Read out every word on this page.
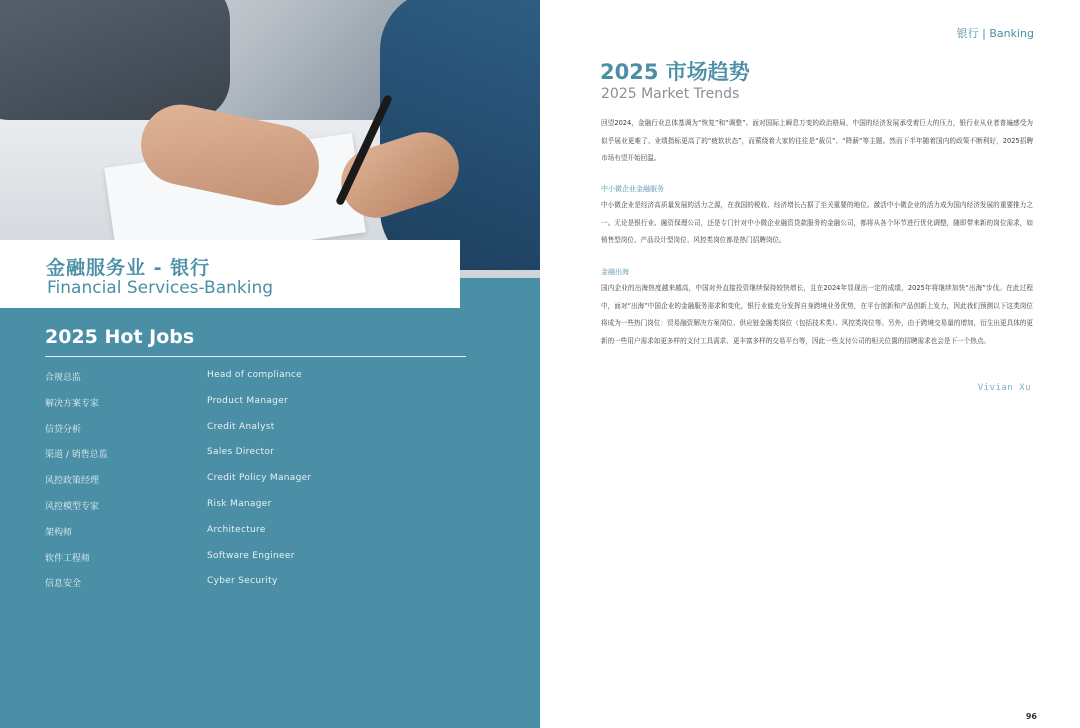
金融服务业 - 银行
Financial Services-Banking
2025 Hot Jobs
合规总监	Head of compliance
解决方案专家	Product Manager
信贷分析	Credit Analyst
渠道 / 销售总监	Sales Director
风控政策经理	Credit Policy Manager
风控模型专家	Risk Manager
架构师	Architecture
软件工程师	Software Engineer
信息安全	Cyber Security
银行 | Banking
2025 市场趋势
2025 Market Trends
回望2024，金融行业总体基调为“恢复”和“调整”。面对国际上瞬息万变的政治格局，中国的经济发展承受着巨大的压力，银行业从业者普遍感受为似乎展业更难了、业绩指标更高了的“疲软状态”，而萦绕着大家的往往是“裁员”、“降薪”等主题。然而下半年随着国内的政策不断利好，2025招聘市场有望开始回温。
中小微企业金融服务
中小微企业是经济高质量发展的活力之源，在我国的税收、经济增长占据了至关重要的地位。激活中小微企业的活力成为国内经济发展的重要推力之一。无论是银行业、融资保理公司，还是专门针对中小微企业融资贷款服务的金融公司，都将从各个环节进行优化调整，随即带来新的岗位需求，如销售型岗位、产品设计型岗位、风控类岗位都是热门招聘岗位。
金融出海
国内企业的出海热度越来越高，中国对外直接投资继续保持较快增长，且在2024年显现出一定的成绩，2025年将继续加快“出海”步伐。在此过程中，面对“出海”中国企业的金融服务需求和变化，银行业能充分发挥自身跨境业务优势，在平台创新和产品创新上发力，因此我们预测以下这类岗位将成为一些热门岗位：贸易融资解决方案岗位、供应链金融类岗位（包括技术类）、风控类岗位等。另外，由于跨境交易量的增加，衍生出更具体的更新的一些用户需求如更多样的支付工具需求、更丰富多样的交易平台等，因此一些支付公司的相关位置的招聘需求也会是下一个热点。
Vivian Xu
96
